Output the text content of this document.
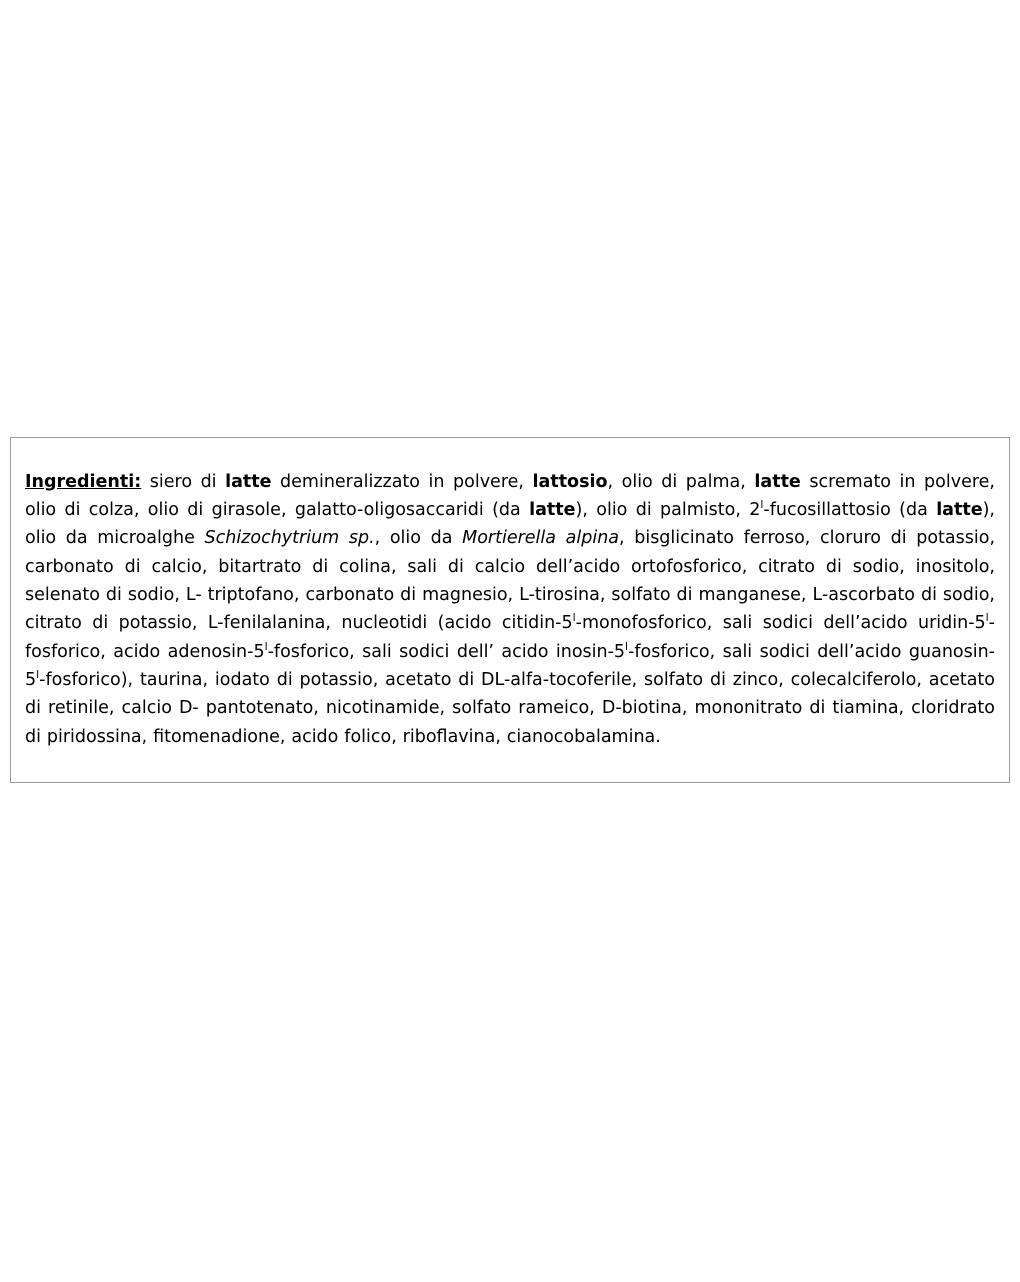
Ingredienti: siero di latte demineralizzato in polvere, lattosio, olio di palma, latte scremato in polvere, olio di colza, olio di girasole, galatto-oligosaccaridi (da latte), olio di palmisto, 2$^l$-fucosillattosio (da latte), olio da microalghe Schizochytrium sp., olio da Mortierella alpina, bisglicinato ferroso, cloruro di potassio, carbonato di calcio, bitartrato di colina, sali di calcio dell’acido ortofosforico, citrato di sodio, inositolo, selenato di sodio, L- triptofano, carbonato di magnesio, L-tirosina, solfato di manganese, L-ascorbato di sodio, citrato di potassio, L-fenilalanina, nucleotidi (acido citidin-5$^l$-monofosforico, sali sodici dell’acido uridin-5$^l$-fosforico, acido adenosin-5$^l$-fosforico, sali sodici dell’ acido inosin-5$^l$-fosforico, sali sodici dell’acido guanosin-5$^l$-fosforico), taurina, iodato di potassio, acetato di DL-alfa-tocoferile, solfato di zinco, colecalciferolo, acetato di retinile, calcio D- pantotenato, nicotinamide, solfato rameico, D-biotina, mononitrato di tiamina, cloridrato di piridossina, fitomenadione, acido folico, riboflavina, cianocobalamina.
